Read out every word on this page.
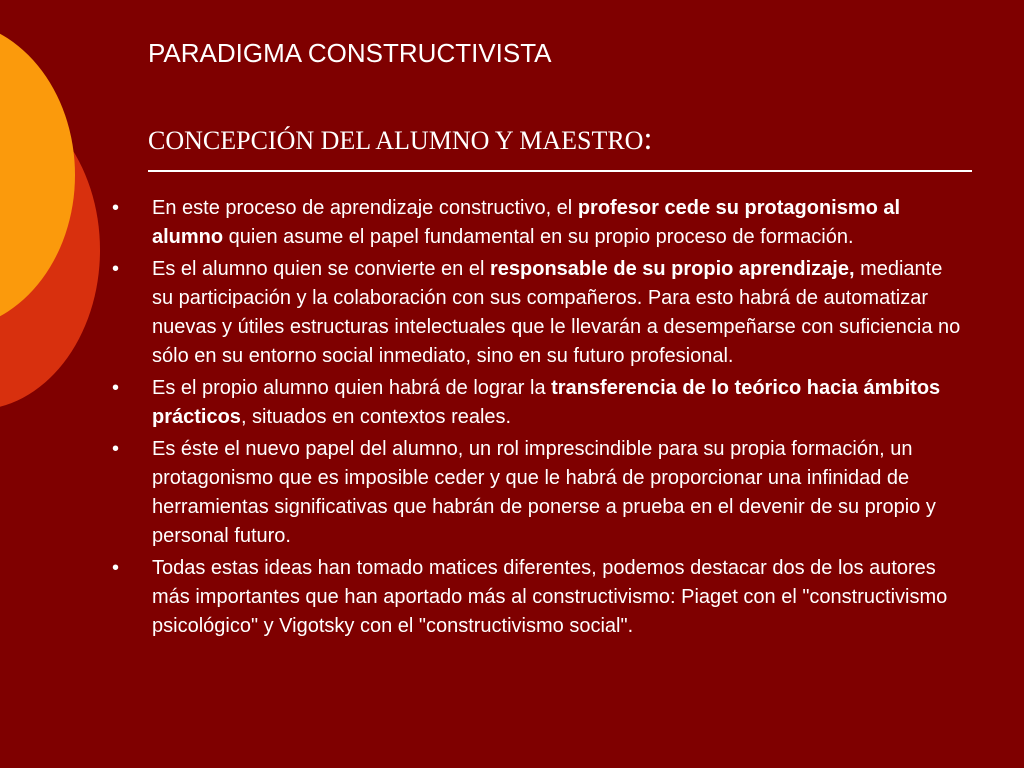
PARADIGMA CONSTRUCTIVISTA
CONCEPCIÓN DEL ALUMNO Y MAESTRO:
• En este proceso de aprendizaje constructivo, el profesor cede su protagonismo al alumno quien asume el papel fundamental en su propio proceso de formación.
• Es el alumno quien se convierte en el responsable de su propio aprendizaje, mediante su participación y la colaboración con sus compañeros. Para esto habrá de automatizar nuevas y útiles estructuras intelectuales que le llevarán a desempeñarse con suficiencia no sólo en su entorno social inmediato, sino en su futuro profesional.
• Es el propio alumno quien habrá de lograr la transferencia de lo teórico hacia ámbitos prácticos, situados en contextos reales.
• Es éste el nuevo papel del alumno, un rol imprescindible para su propia formación, un protagonismo que es imposible ceder y que le habrá de proporcionar una infinidad de herramientas significativas que habrán de ponerse a prueba en el devenir de su propio y personal futuro.
• Todas estas ideas han tomado matices diferentes, podemos destacar dos de los autores más importantes que han aportado más al constructivismo: Piaget con el "constructivismo psicológico" y Vigotsky con el "constructivismo social".
